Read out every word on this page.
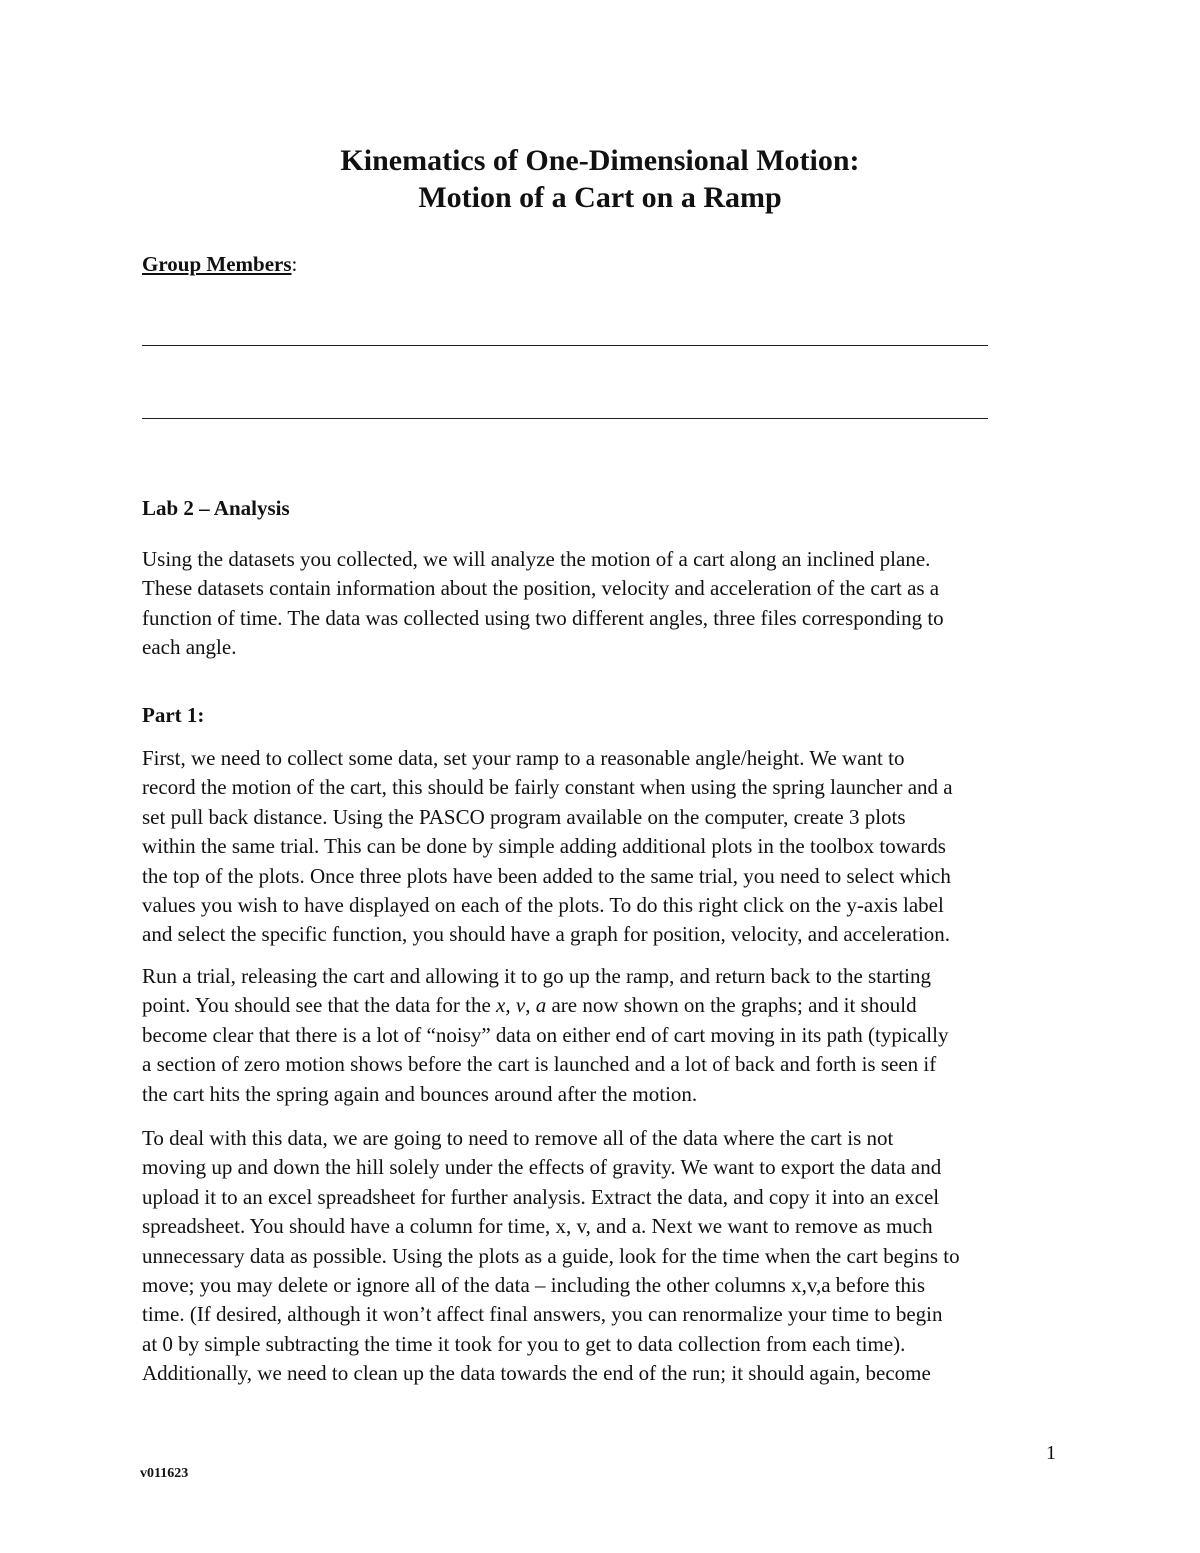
Kinematics of One-Dimensional Motion:
Motion of a Cart on a Ramp
Group Members:
Lab 2 – Analysis

Using the datasets you collected, we will analyze the motion of a cart along an inclined plane.
These datasets contain information about the position, velocity and acceleration of the cart as a
function of time. The data was collected using two different angles, three files corresponding to
each angle.

Part 1:

First, we need to collect some data, set your ramp to a reasonable angle/height. We want to
record the motion of the cart, this should be fairly constant when using the spring launcher and a
set pull back distance. Using the PASCO program available on the computer, create 3 plots
within the same trial. This can be done by simple adding additional plots in the toolbox towards
the top of the plots. Once three plots have been added to the same trial, you need to select which
values you wish to have displayed on each of the plots. To do this right click on the y-axis label
and select the specific function, you should have a graph for position, velocity, and acceleration.

Run a trial, releasing the cart and allowing it to go up the ramp, and return back to the starting
point. You should see that the data for the x, v, a are now shown on the graphs; and it should
become clear that there is a lot of “noisy” data on either end of cart moving in its path (typically
a section of zero motion shows before the cart is launched and a lot of back and forth is seen if
the cart hits the spring again and bounces around after the motion.

To deal with this data, we are going to need to remove all of the data where the cart is not
moving up and down the hill solely under the effects of gravity. We want to export the data and
upload it to an excel spreadsheet for further analysis. Extract the data, and copy it into an excel
spreadsheet. You should have a column for time, x, v, and a. Next we want to remove as much
unnecessary data as possible. Using the plots as a guide, look for the time when the cart begins to
move; you may delete or ignore all of the data – including the other columns x,v,a before this
time. (If desired, although it won’t affect final answers, you can renormalize your time to begin
at 0 by simple subtracting the time it took for you to get to data collection from each time).
Additionally, we need to clean up the data towards the end of the run; it should again, become

1
v011623
